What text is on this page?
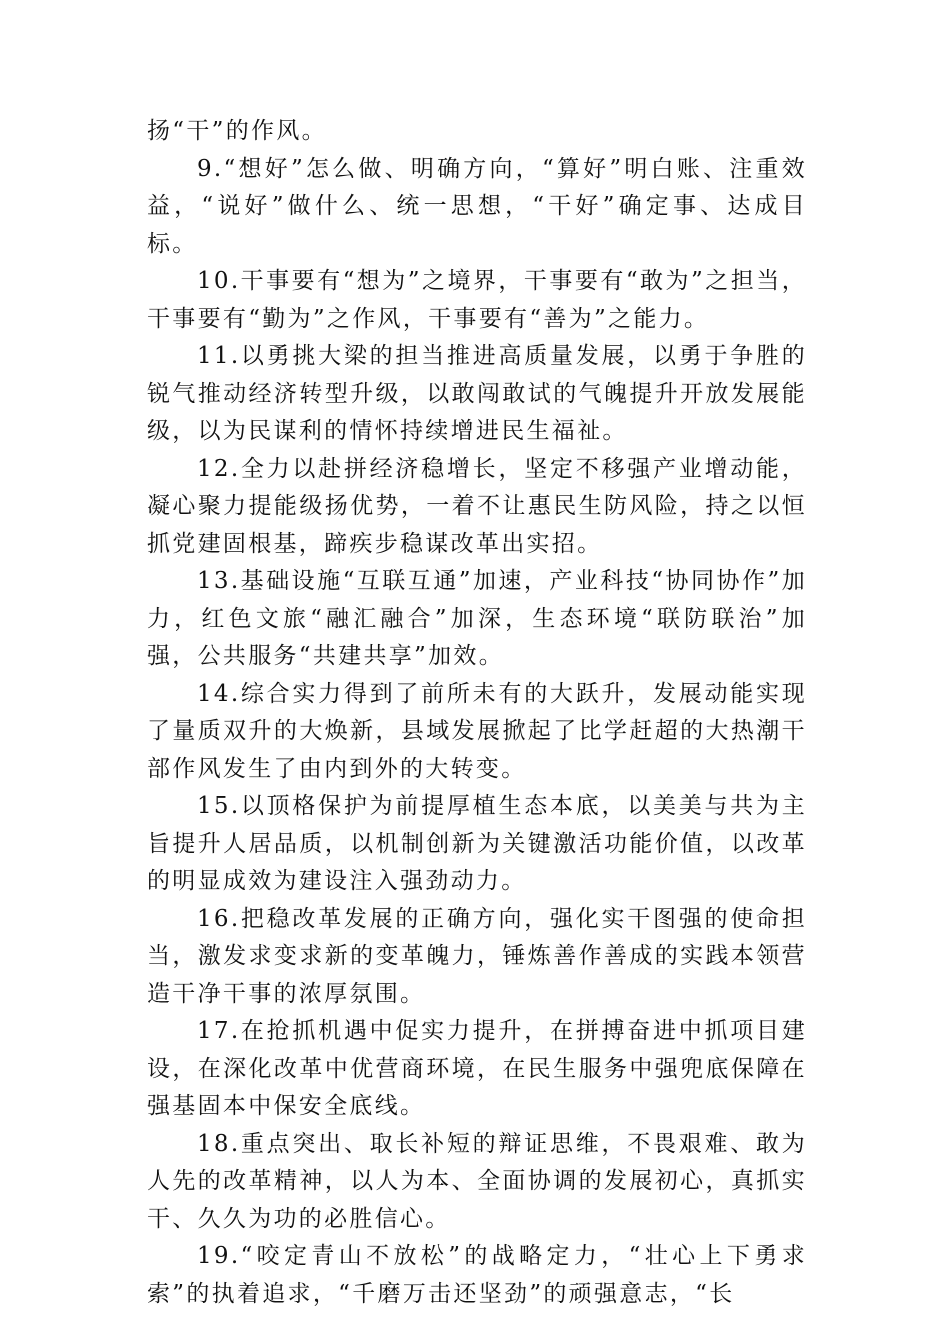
扬“干”的作风。

9.“想好”怎么做、明确方向，“算好”明白账、注重效益，“说好”做什么、统一思想，“干好”确定事、达成目标。

10.干事要有“想为”之境界，干事要有“敢为”之担当，干事要有“勤为”之作风，干事要有“善为”之能力。

11.以勇挑大梁的担当推进高质量发展，以勇于争胜的锐气推动经济转型升级，以敢闯敢试的气魄提升开放发展能级，以为民谋利的情怀持续增进民生福祉。

12.全力以赴拼经济稳增长，坚定不移强产业增动能，凝心聚力提能级扬优势，一着不让惠民生防风险，持之以恒抓党建固根基，蹄疾步稳谋改革出实招。

13.基础设施“互联互通”加速，产业科技“协同协作”加力，红色文旅“融汇融合”加深，生态环境“联防联治”加强，公共服务“共建共享”加效。

14.综合实力得到了前所未有的大跃升，发展动能实现了量质双升的大焕新，县域发展掀起了比学赶超的大热潮干部作风发生了由内到外的大转变。

15.以顶格保护为前提厚植生态本底，以美美与共为主旨提升人居品质，以机制创新为关键激活功能价值，以改革的明显成效为建设注入强劲动力。

16.把稳改革发展的正确方向，强化实干图强的使命担当，激发求变求新的变革魄力，锤炼善作善成的实践本领营造干净干事的浓厚氛围。

17.在抢抓机遇中促实力提升，在拼搏奋进中抓项目建设，在深化改革中优营商环境，在民生服务中强兜底保障在强基固本中保安全底线。

18.重点突出、取长补短的辩证思维，不畏艰难、敢为人先的改革精神，以人为本、全面协调的发展初心，真抓实干、久久为功的必胜信心。

19.“咬定青山不放松”的战略定力，“壮心上下勇求索”的执着追求，“千磨万击还坚劲”的顽强意志，“长
